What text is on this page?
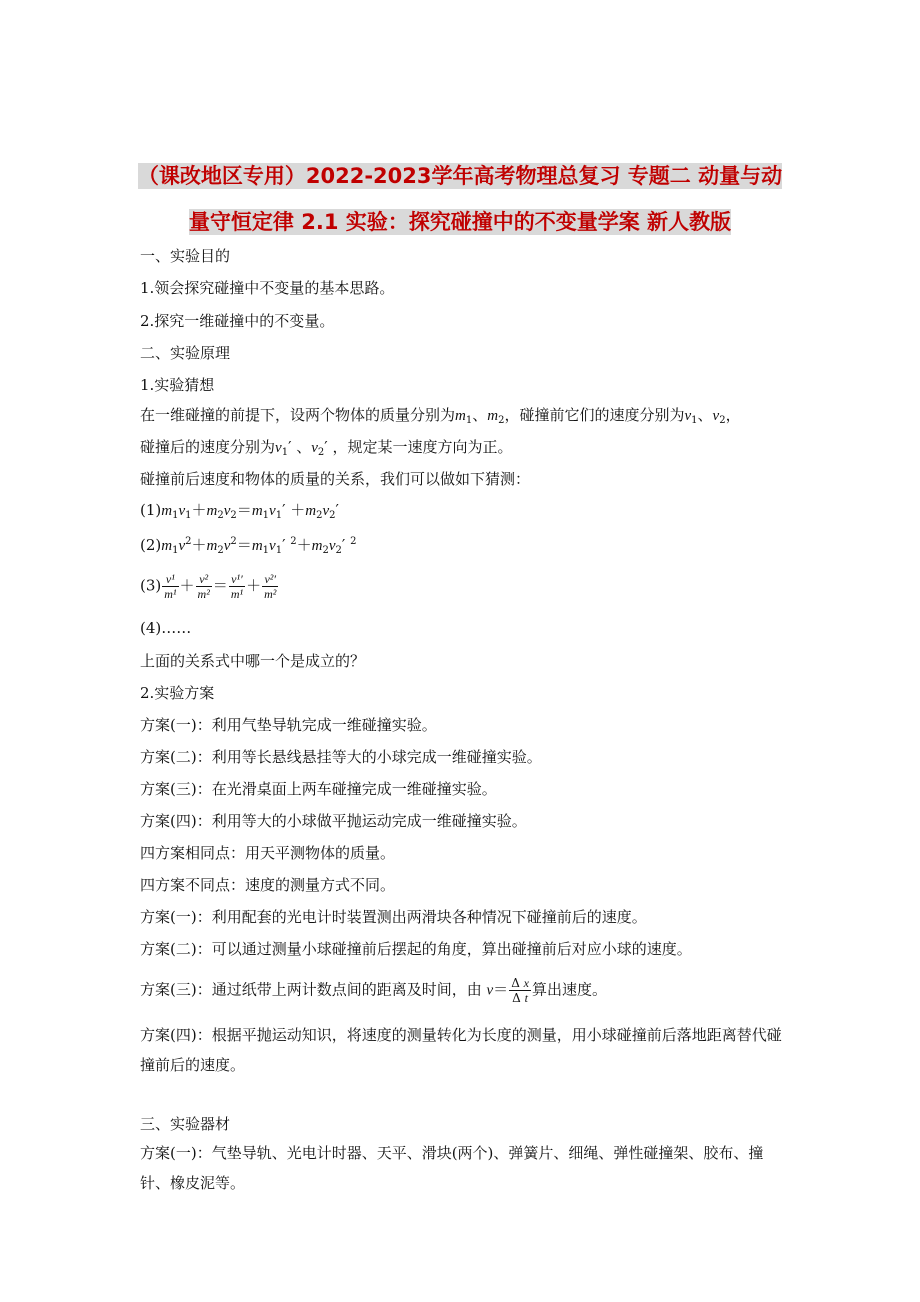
（课改地区专用）2022-2023学年高考物理总复习 专题二 动量与动
量守恒定律 2.1 实验：探究碰撞中的不变量学案 新人教版
一、实验目的
1.领会探究碰撞中不变量的基本思路。
2.探究一维碰撞中的不变量。
二、实验原理
1.实验猜想
在一维碰撞的前提下，设两个物体的质量分别为$m_1$、$m_2$，碰撞前它们的速度分别为$v_1$、$v_2$，
碰撞后的速度分别为$v_1'$ 、$v_2'$ ，规定某一速度方向为正。
碰撞前后速度和物体的质量的关系，我们可以做如下猜测：
$(1)m_1v_1+m_2v_2=m_1v_1' +m_2v_2'$
$(2)m_1v^2+m_2v^2=m_1v_1'$ $^2+m_2v_2'$ $^2$
$(3) \frac{\text{v¹}}{\text{m¹}} + \frac{\text{v²}}{\text{m²}} = \frac{\text{v¹′}}{\text{m¹}} + \frac{\text{v²′}}{\text{m²}}$
(4)……
上面的关系式中哪一个是成立的？
2.实验方案
方案(一)：利用气垫导轨完成一维碰撞实验。
方案(二)：利用等长悬线悬挂等大的小球完成一维碰撞实验。
方案(三)：在光滑桌面上两车碰撞完成一维碰撞实验。
方案(四)：利用等大的小球做平抛运动完成一维碰撞实验。
四方案相同点：用天平测物体的质量。
四方案不同点：速度的测量方式不同。
方案(一)：利用配套的光电计时装置测出两滑块各种情况下碰撞前后的速度。
方案(二)：可以通过测量小球碰撞前后摆起的角度，算出碰撞前后对应小球的速度。
方案(三)：通过纸带上两计数点间的距离及时间，由 $v= \frac{\text{Δ x}}{\text{Δ t}}$ 算出速度。
方案(四)：根据平抛运动知识，将速度的测量转化为长度的测量，用小球碰撞前后落地距离替代碰撞前后的速度。
三、实验器材
方案(一)：气垫导轨、光电计时器、天平、滑块(两个)、弹簧片、细绳、弹性碰撞架、胶布、撞针、橡皮泥等。
